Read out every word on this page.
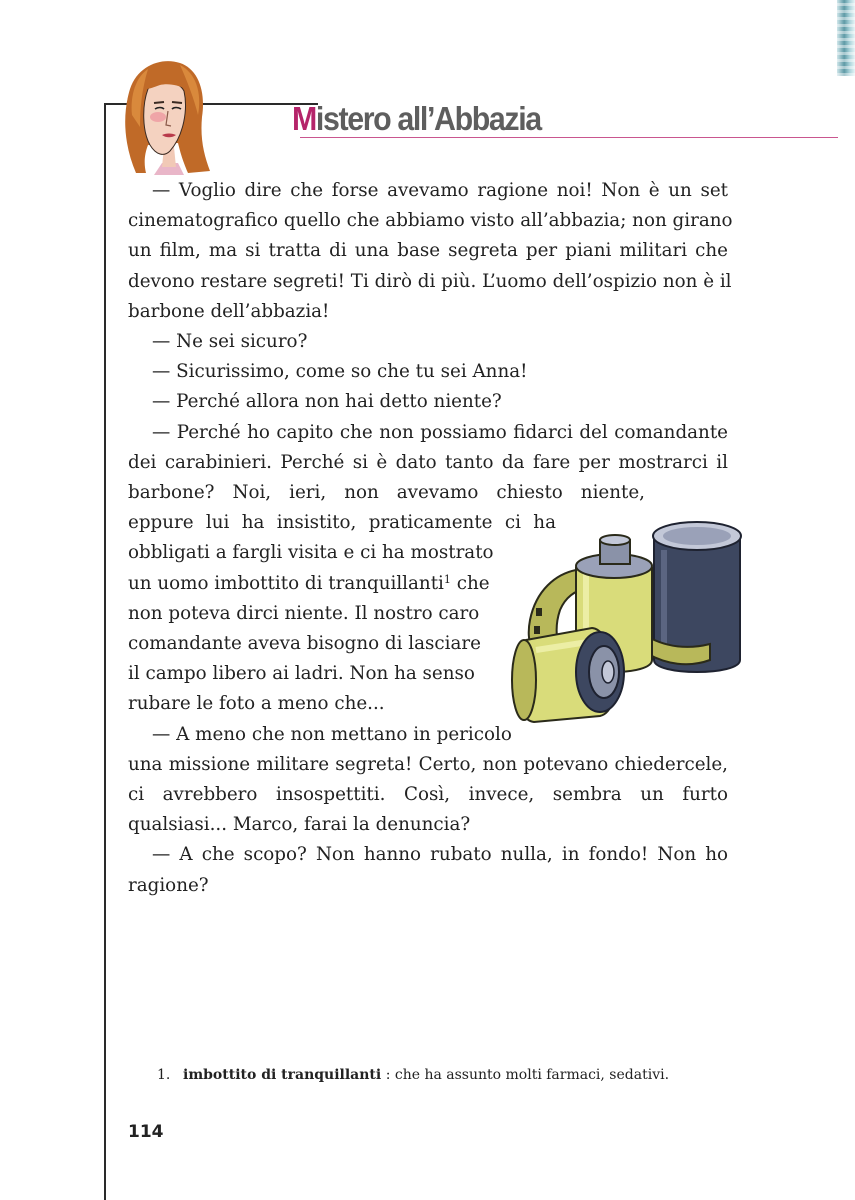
Mistero all’Abbazia

— Voglio dire che forse avevamo ragione noi! Non è un set
cinematografico quello che abbiamo visto all’abbazia; non girano
un film, ma si tratta di una base segreta per piani militari che
devono restare segreti! Ti dirò di più. L’uomo dell’ospizio non è il
barbone dell’abbazia!

— Ne sei sicuro?

— Sicurissimo, come so che tu sei Anna!

— Perché allora non hai detto niente?

— Perché ho capito che non possiamo fidarci del comandante
dei carabinieri. Perché si è dato tanto da fare per mostrarci il
barbone? Noi, ieri, non avevamo chiesto niente,
eppure lui ha insistito, praticamente ci ha
obbligati a fargli visita e ci ha mostrato
un uomo imbottito di tranquillanti$^1$ che
non poteva dirci niente. Il nostro caro
comandante aveva bisogno di lasciare
il campo libero ai ladri. Non ha senso
rubare le foto a meno che...

— A meno che non mettano in pericolo
una missione militare segreta! Certo, non potevano chiedercele,
ci avrebbero insospettiti. Così, invece, sembra un furto
qualsiasi... Marco, farai la denuncia?

— A che scopo? Non hanno rubato nulla, in fondo! Non ho
ragione?

1. imbottito di tranquillanti : che ha assunto molti farmaci, sedativi.
114
